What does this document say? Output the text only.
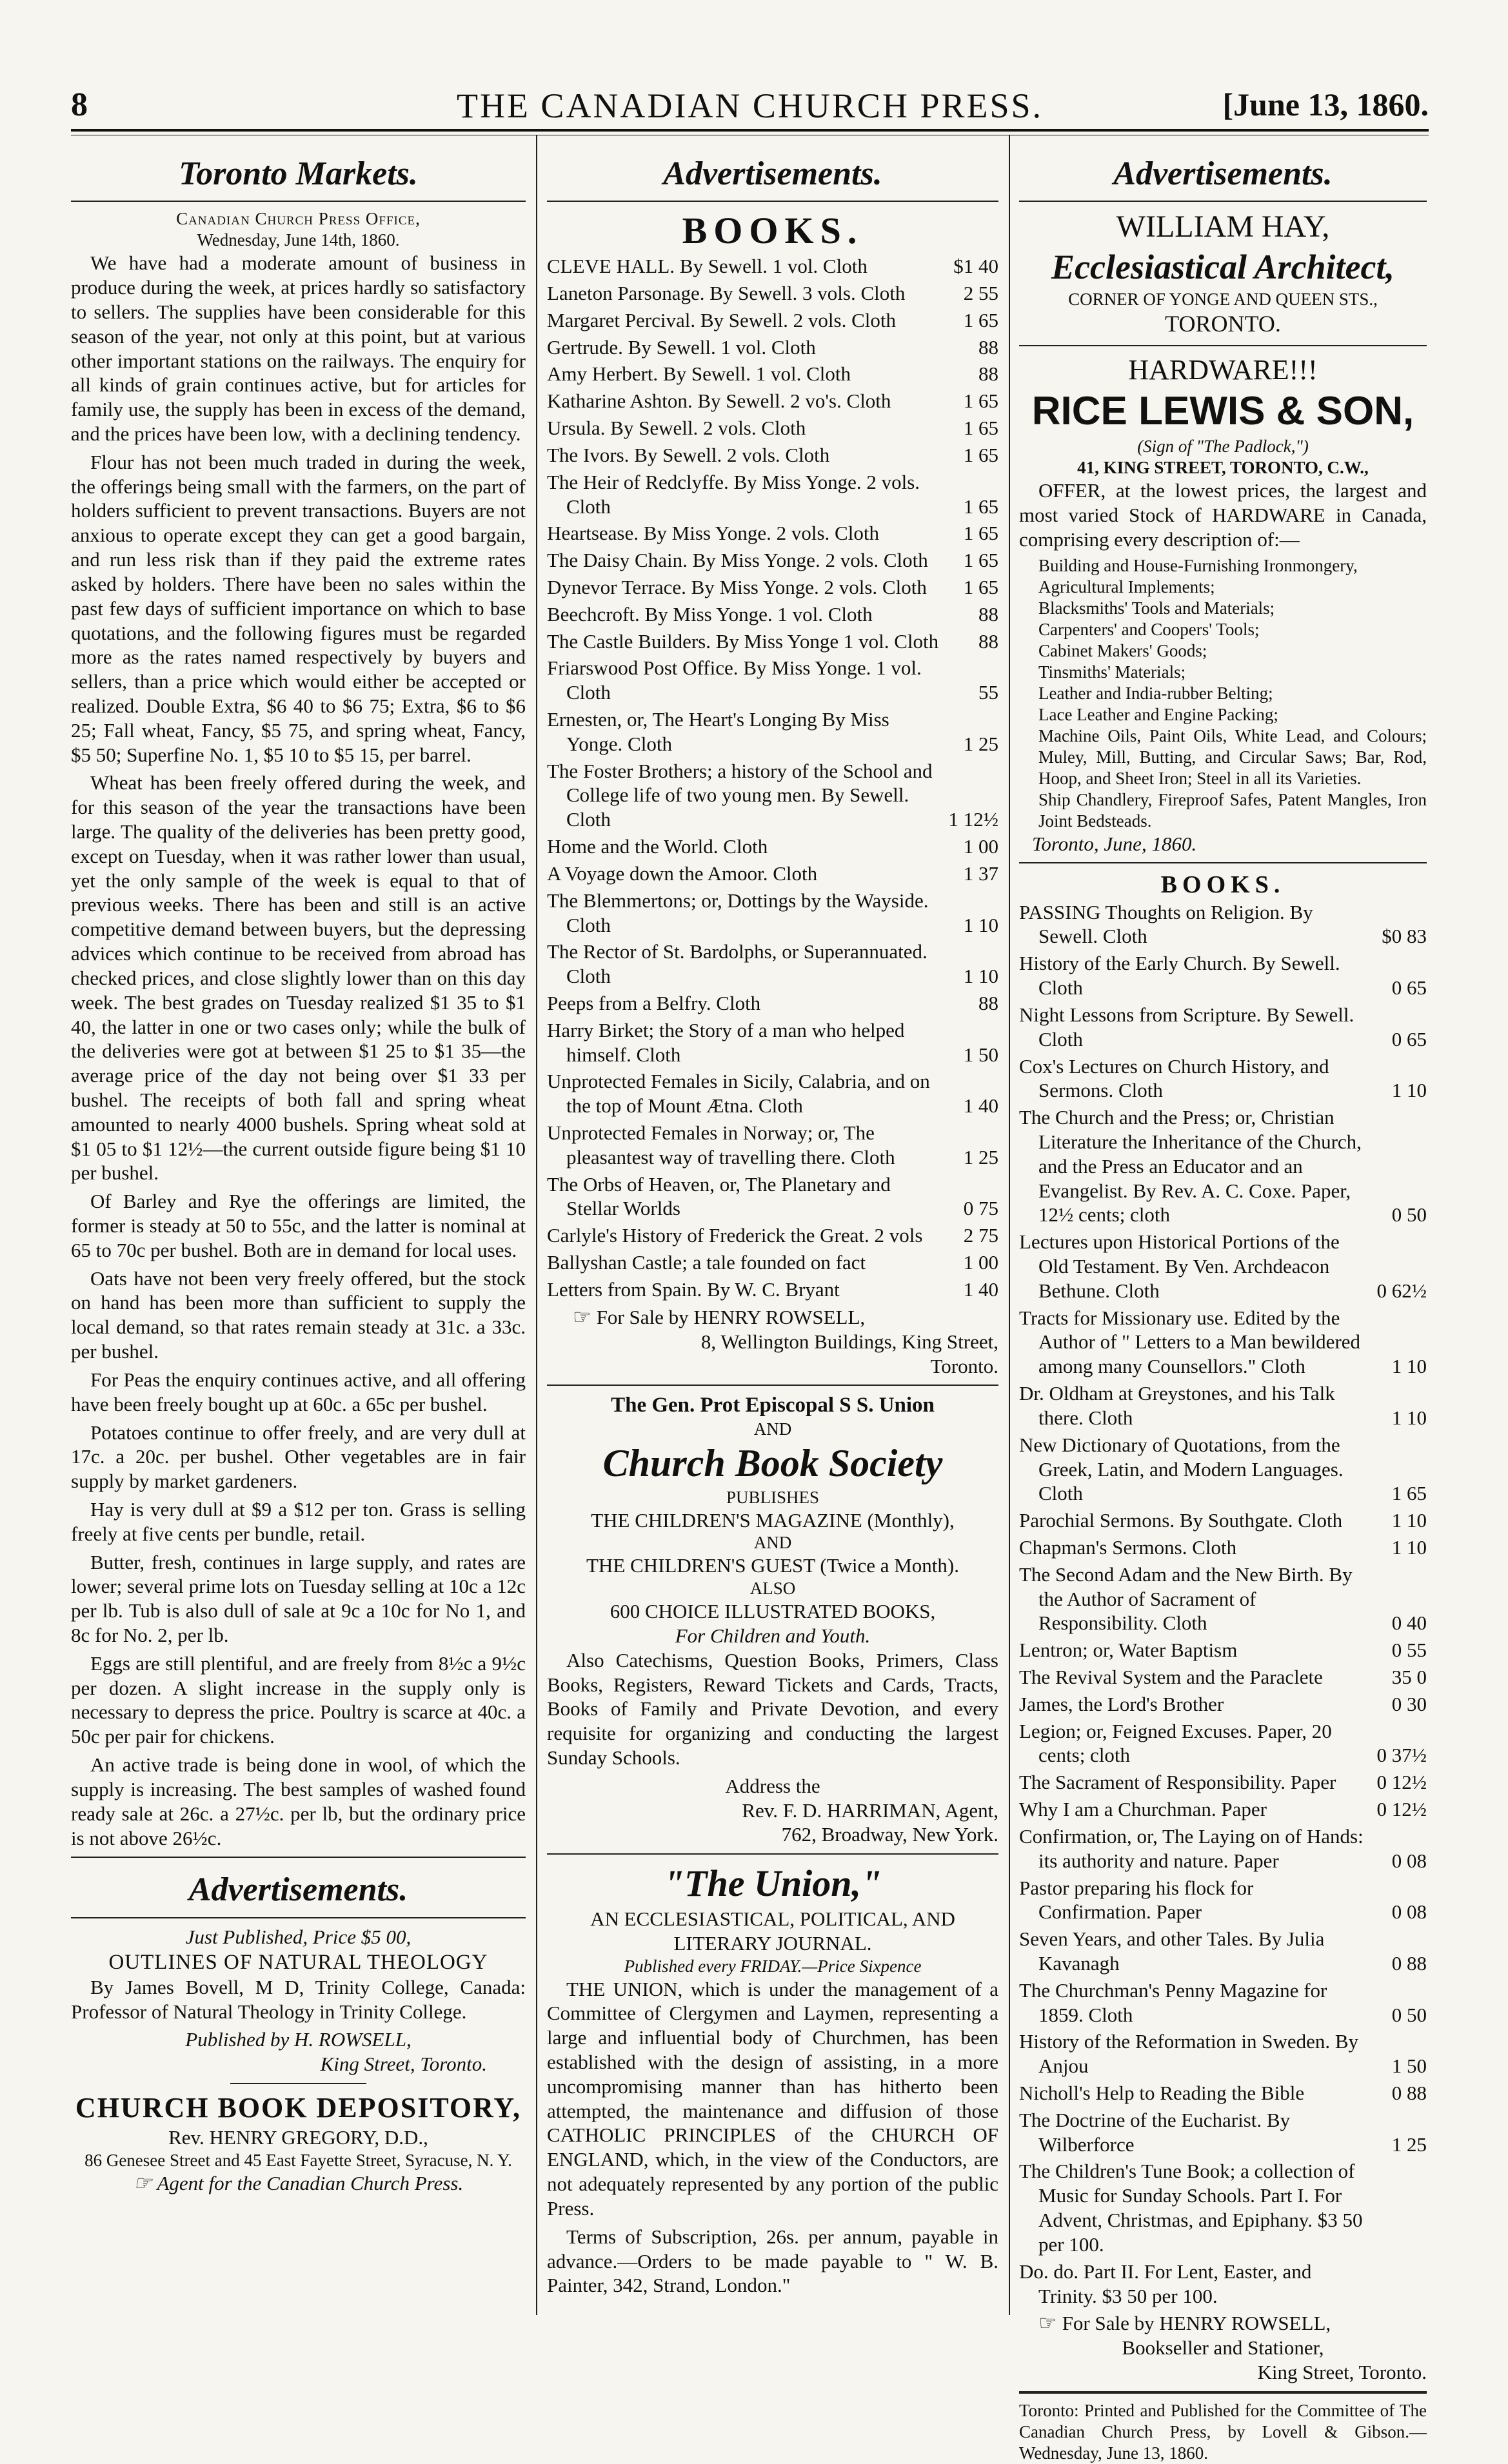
8	THE CANADIAN CHURCH PRESS.	[June 13, 1860.
Toronto Markets.
Canadian Church Press Office,
Wednesday, June 14th, 1860.

We have had a moderate amount of business in produce during the week, at prices hardly so satisfactory to sellers. The supplies have been considerable for this season of the year, not only at this point, but at various other important stations on the railways. The enquiry for all kinds of grain continues active, but for articles for family use, the supply has been in excess of the demand, and the prices have been low, with a declining tendency.

Flour has not been much traded in during the week, the offerings being small with the farmers, on the part of holders sufficient to prevent transactions. Buyers are not anxious to operate except they can get a good bargain, and run less risk than if they paid the extreme rates asked by holders. There have been no sales within the past few days of sufficient importance on which to base quotations, and the following figures must be regarded more as the rates named respectively by buyers and sellers, than a price which would either be accepted or realized. Double Extra, $6 40 to $6 75; Extra, $6 to $6 25; Fall wheat, Fancy, $5 75, and spring wheat, Fancy, $5 50; Superfine No. 1, $5 10 to $5 15, per barrel.

Wheat has been freely offered during the week, and for this season of the year the transactions have been large. The quality of the deliveries has been pretty good, except on Tuesday, when it was rather lower than usual, yet the only sample of the week is equal to that of previous weeks. There has been and still is an active competitive demand between buyers, but the depressing advices which continue to be received from abroad has checked prices, and close slightly lower than on this day week. The best grades on Tuesday realized $1 35 to $1 40, the latter in one or two cases only; while the bulk of the deliveries were got at between $1 25 to $1 35—the average price of the day not being over $1 33 per bushel. The receipts of both fall and spring wheat amounted to nearly 4000 bushels. Spring wheat sold at $1 05 to $1 12½—the current outside figure being $1 10 per bushel.

Of Barley and Rye the offerings are limited, the former is steady at 50 to 55c, and the latter is nominal at 65 to 70c per bushel. Both are in demand for local uses.

Oats have not been very freely offered, but the stock on hand has been more than sufficient to supply the local demand, so that rates remain steady at 31c. a 33c. per bushel.

For Peas the enquiry continues active, and all offering have been freely bought up at 60c. a 65c per bushel.

Potatoes continue to offer freely, and are very dull at 17c. a 20c. per bushel. Other vegetables are in fair supply by market gardeners.

Hay is very dull at $9 a $12 per ton. Grass is selling freely at five cents per bundle, retail.

Butter, fresh, continues in large supply, and rates are lower; several prime lots on Tuesday selling at 10c a 12c per lb. Tub is also dull of sale at 9c a 10c for No 1, and 8c for No. 2, per lb.

Eggs are still plentiful, and are freely from 8½c a 9½c per dozen. A slight increase in the supply only is necessary to depress the price. Poultry is scarce at 40c. a 50c per pair for chickens.

An active trade is being done in wool, of which the supply is increasing. The best samples of washed found ready sale at 26c. a 27½c. per lb, but the ordinary price is not above 26½c.

Advertisements.
Just Published, Price $5 00,
OUTLINES OF NATURAL THEOLOGY

By James Bovell, M D, Trinity College, Canada: Professor of Natural Theology in Trinity College.

Published by H. ROWSELL,
King Street, Toronto.
CHURCH BOOK DEPOSITORY,
Rev. HENRY GREGORY, D.D.,
86 Genesee Street and 45 East Fayette Street, Syracuse, N. Y.
☞ Agent for the Canadian Church Press.
Advertisements.
BOOKS.
CLEVE HALL. By Sewell. 1 vol. Cloth	$1 40
Laneton Parsonage. By Sewell. 3 vols. Cloth	2 55
Margaret Percival. By Sewell. 2 vols. Cloth	1 65
Gertrude. By Sewell. 1 vol. Cloth	88
Amy Herbert. By Sewell. 1 vol. Cloth	88
Katharine Ashton. By Sewell. 2 vo's. Cloth	1 65
Ursula. By Sewell. 2 vols. Cloth	1 65
The Ivors. By Sewell. 2 vols. Cloth	1 65
The Heir of Redclyffe. By Miss Yonge. 2 vols. Cloth	1 65
Heartsease. By Miss Yonge. 2 vols. Cloth	1 65
The Daisy Chain. By Miss Yonge. 2 vols. Cloth	1 65
Dynevor Terrace. By Miss Yonge. 2 vols. Cloth	1 65
Beechcroft. By Miss Yonge. 1 vol. Cloth	88
The Castle Builders. By Miss Yonge 1 vol. Cloth	88
Friarswood Post Office. By Miss Yonge. 1 vol. Cloth	55
Ernesten, or, The Heart's Longing By Miss Yonge. Cloth	1 25
The Foster Brothers; a history of the School and College life of two young men. By Sewell. Cloth	1 12½
Home and the World. Cloth	1 00
A Voyage down the Amoor. Cloth	1 37
The Blemmertons; or, Dottings by the Wayside. Cloth	1 10
The Rector of St. Bardolphs, or Superannuated. Cloth	1 10
Peeps from a Belfry. Cloth	88
Harry Birket; the Story of a man who helped himself. Cloth	1 50
Unprotected Females in Sicily, Calabria, and on the top of Mount Ætna. Cloth	1 40
Unprotected Females in Norway; or, The pleasantest way of travelling there. Cloth	1 25
The Orbs of Heaven, or, The Planetary and Stellar Worlds	0 75
Carlyle's History of Frederick the Great. 2 vols	2 75
Ballyshan Castle; a tale founded on fact	1 00
Letters from Spain. By W. C. Bryant	1 40
☞ For Sale by HENRY ROWSELL,
8, Wellington Buildings, King Street,
Toronto.
The Gen. Prot Episcopal S S. Union
AND
Church Book Society
PUBLISHES
THE CHILDREN'S MAGAZINE (Monthly),
AND
THE CHILDREN'S GUEST (Twice a Month).
ALSO
600 CHOICE ILLUSTRATED BOOKS,
For Children and Youth.

Also Catechisms, Question Books, Primers, Class Books, Registers, Reward Tickets and Cards, Tracts, Books of Family and Private Devotion, and every requisite for organizing and conducting the largest Sunday Schools.

Address the
Rev. F. D. HARRIMAN, Agent,
762, Broadway, New York.
"The Union,"
AN ECCLESIASTICAL, POLITICAL, AND LITERARY JOURNAL.
Published every FRIDAY.—Price Sixpence

THE UNION, which is under the management of a Committee of Clergymen and Laymen, representing a large and influential body of Churchmen, has been established with the design of assisting, in a more uncompromising manner than has hitherto been attempted, the maintenance and diffusion of those CATHOLIC PRINCIPLES of the CHURCH OF ENGLAND, which, in the view of the Conductors, are not adequately represented by any portion of the public Press.

Terms of Subscription, 26s. per annum, payable in advance.—Orders to be made payable to " W. B. Painter, 342, Strand, London."

Advertisements.
WILLIAM HAY,
Ecclesiastical Architect,
CORNER OF YONGE AND QUEEN STS.,
TORONTO.
HARDWARE!!!
RICE LEWIS & SON,
(Sign of "The Padlock,")
41, KING STREET, TORONTO, C.W.,

OFFER, at the lowest prices, the largest and most varied Stock of HARDWARE in Canada, comprising every description of:—

Building and House-Furnishing Ironmongery,
Agricultural Implements;
Blacksmiths' Tools and Materials;
Carpenters' and Coopers' Tools;
Cabinet Makers' Goods;
Tinsmiths' Materials;
Leather and India-rubber Belting;
Lace Leather and Engine Packing;
Machine Oils, Paint Oils, White Lead, and Colours; Muley, Mill, Butting, and Circular Saws; Bar, Rod, Hoop, and Sheet Iron; Steel in all its Varieties.
Ship Chandlery, Fireproof Safes, Patent Mangles, Iron Joint Bedsteads.
Toronto, June, 1860.
BOOKS.
PASSING Thoughts on Religion. By Sewell. Cloth	$0 83
History of the Early Church. By Sewell. Cloth	0 65
Night Lessons from Scripture. By Sewell. Cloth	0 65
Cox's Lectures on Church History, and Sermons. Cloth	1 10
The Church and the Press; or, Christian Literature the Inheritance of the Church, and the Press an Educator and an Evangelist. By Rev. A. C. Coxe. Paper, 12½ cents; cloth	0 50
Lectures upon Historical Portions of the Old Testament. By Ven. Archdeacon Bethune. Cloth	0 62½
Tracts for Missionary use. Edited by the Author of " Letters to a Man bewildered among many Counsellors." Cloth	1 10
Dr. Oldham at Greystones, and his Talk there. Cloth	1 10
New Dictionary of Quotations, from the Greek, Latin, and Modern Languages. Cloth	1 65
Parochial Sermons. By Southgate. Cloth	1 10
Chapman's Sermons. Cloth	1 10
The Second Adam and the New Birth. By the Author of Sacrament of Responsibility. Cloth	0 40
Lentron; or, Water Baptism	0 55
The Revival System and the Paraclete	35 0
James, the Lord's Brother	0 30
Legion; or, Feigned Excuses. Paper, 20 cents; cloth	0 37½
The Sacrament of Responsibility. Paper	0 12½
Why I am a Churchman. Paper	0 12½
Confirmation, or, The Laying on of Hands: its authority and nature. Paper	0 08
Pastor preparing his flock for Confirmation. Paper	0 08
Seven Years, and other Tales. By Julia Kavanagh	0 88
The Churchman's Penny Magazine for 1859. Cloth	0 50
History of the Reformation in Sweden. By Anjou	1 50
Nicholl's Help to Reading the Bible	0 88
The Doctrine of the Eucharist. By Wilberforce	1 25
The Children's Tune Book; a collection of Music for Sunday Schools. Part I. For Advent, Christmas, and Epiphany. $3 50 per 100.
Do. do. Part II. For Lent, Easter, and Trinity. $3 50 per 100.
☞ For Sale by HENRY ROWSELL,
Bookseller and Stationer,
King Street, Toronto.
Toronto: Printed and Published for the Committee of The Canadian Church Press, by Lovell & Gibson.—Wednesday, June 13, 1860.
